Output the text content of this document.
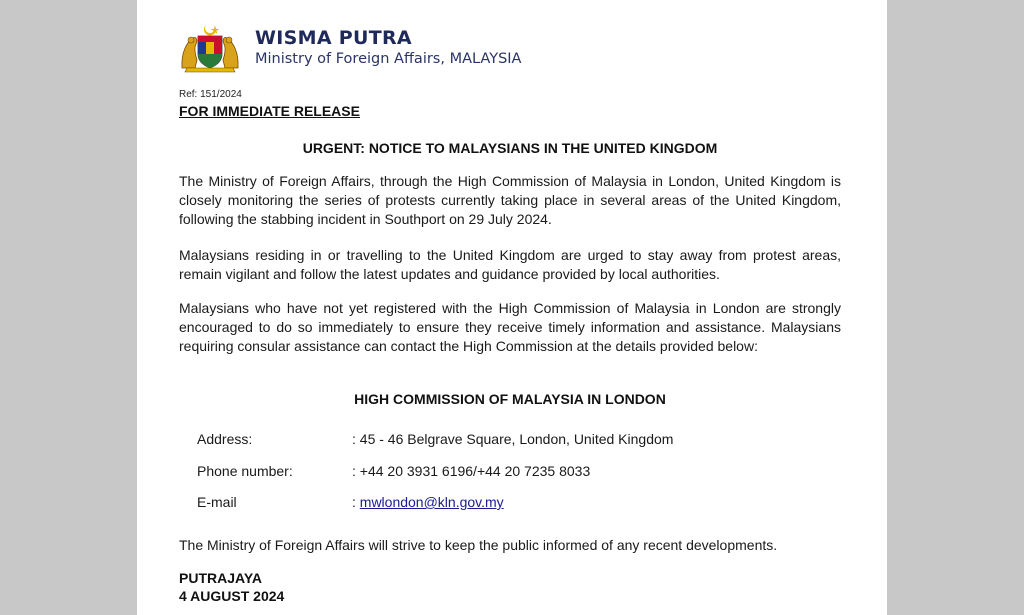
WISMA PUTRA
Ministry of Foreign Affairs, MALAYSIA
Ref: 151/2024
FOR IMMEDIATE RELEASE
URGENT: NOTICE TO MALAYSIANS IN THE UNITED KINGDOM

The Ministry of Foreign Affairs, through the High Commission of Malaysia in London, United Kingdom is closely monitoring the series of protests currently taking place in several areas of the United Kingdom, following the stabbing incident in Southport on 29 July 2024.

Malaysians residing in or travelling to the United Kingdom are urged to stay away from protest areas, remain vigilant and follow the latest updates and guidance provided by local authorities.

Malaysians who have not yet registered with the High Commission of Malaysia in London are strongly encouraged to do so immediately to ensure they receive timely information and assistance. Malaysians requiring consular assistance can contact the High Commission at the details provided below:

HIGH COMMISSION OF MALAYSIA IN LONDON
Address:	: 45 - 46 Belgrave Square, London, United Kingdom
Phone number:	: +44 20 3931 6196/+44 20 7235 8033
E-mail	: mwlondon@kln.gov.my

The Ministry of Foreign Affairs will strive to keep the public informed of any recent developments.

PUTRAJAYA
4 AUGUST 2024
